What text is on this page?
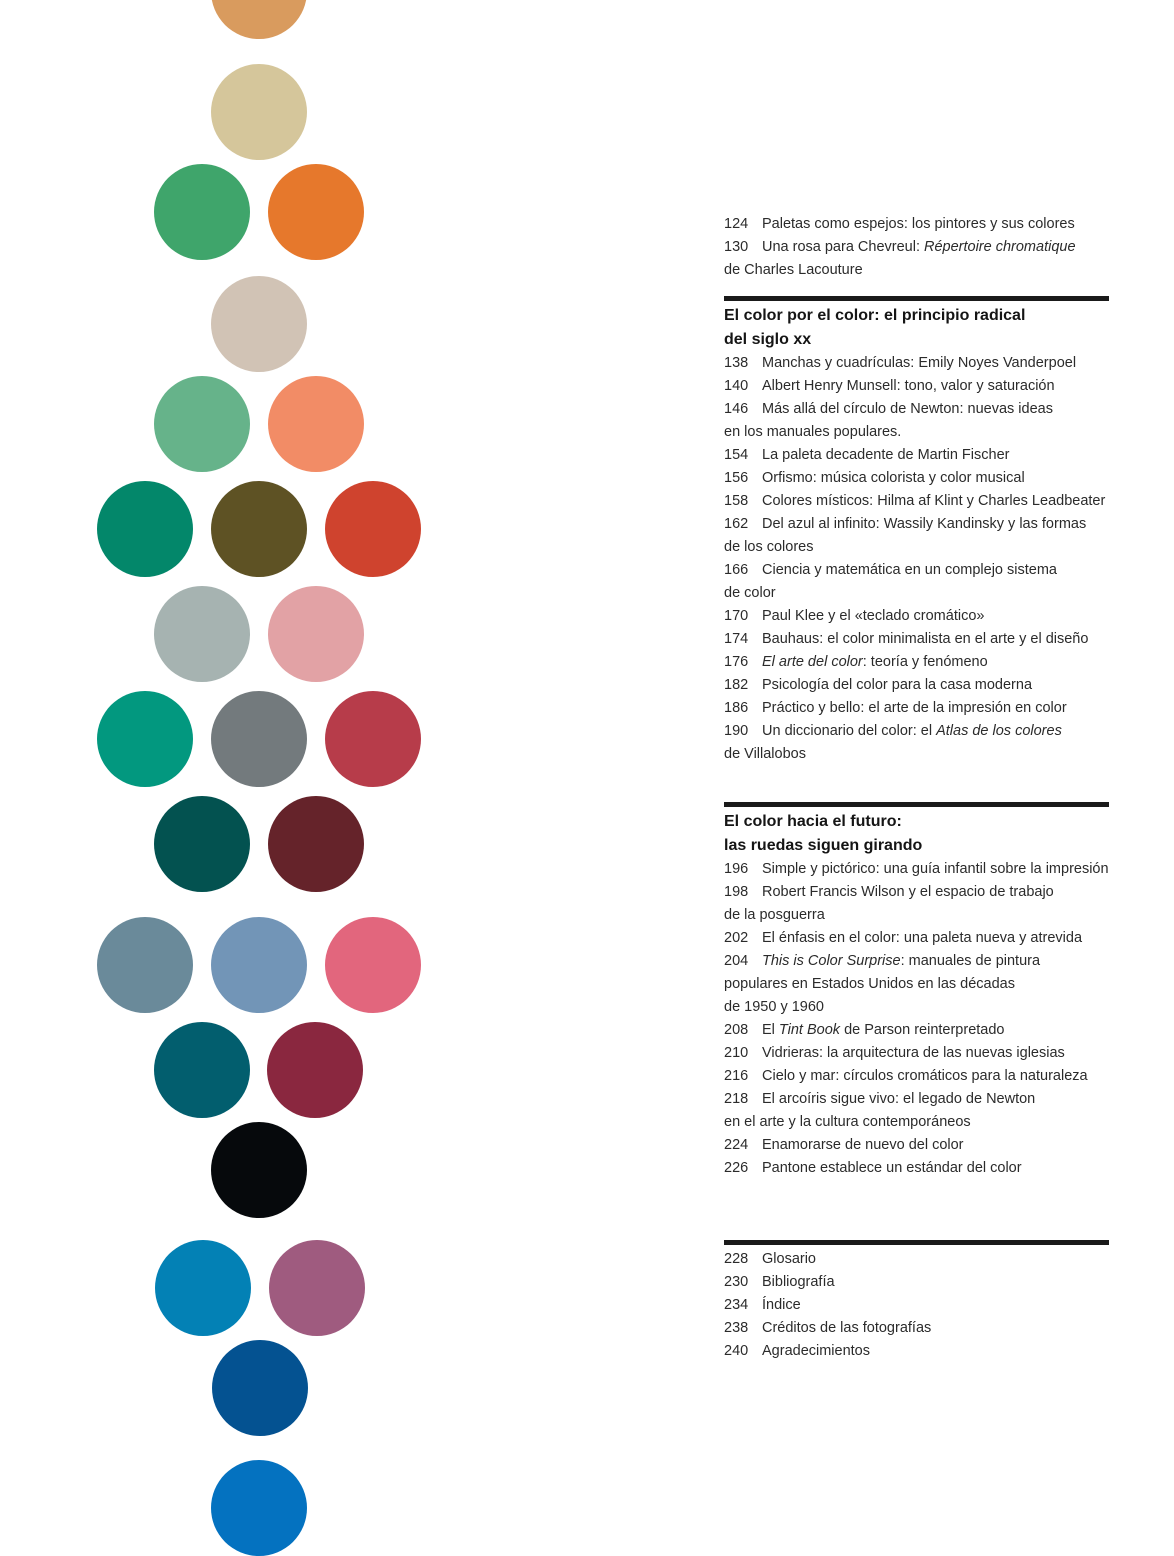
124 Paletas como espejos: los pintores y sus colores
130 Una rosa para Chevreul: Répertoire chromatique
de Charles Lacouture
El color por el color: el principio radical
del siglo xx
138 Manchas y cuadrículas: Emily Noyes Vanderpoel
140 Albert Henry Munsell: tono, valor y saturación
146 Más allá del círculo de Newton: nuevas ideas
en los manuales populares.
154 La paleta decadente de Martin Fischer
156 Orfismo: música colorista y color musical
158 Colores místicos: Hilma af Klint y Charles Leadbeater
162 Del azul al infinito: Wassily Kandinsky y las formas
de los colores
166 Ciencia y matemática en un complejo sistema
de color
170 Paul Klee y el «teclado cromático»
174 Bauhaus: el color minimalista en el arte y el diseño
176 El arte del color: teoría y fenómeno
182 Psicología del color para la casa moderna
186 Práctico y bello: el arte de la impresión en color
190 Un diccionario del color: el Atlas de los colores
de Villalobos
El color hacia el futuro:
las ruedas siguen girando
196 Simple y pictórico: una guía infantil sobre la impresión
198 Robert Francis Wilson y el espacio de trabajo
de la posguerra
202 El énfasis en el color: una paleta nueva y atrevida
204 This is Color Surprise: manuales de pintura
populares en Estados Unidos en las décadas
de 1950 y 1960
208 El Tint Book de Parson reinterpretado
210 Vidrieras: la arquitectura de las nuevas iglesias
216 Cielo y mar: círculos cromáticos para la naturaleza
218 El arcoíris sigue vivo: el legado de Newton
en el arte y la cultura contemporáneos
224 Enamorarse de nuevo del color
226 Pantone establece un estándar del color
228 Glosario
230 Bibliografía
234 Índice
238 Créditos de las fotografías
240 Agradecimientos
